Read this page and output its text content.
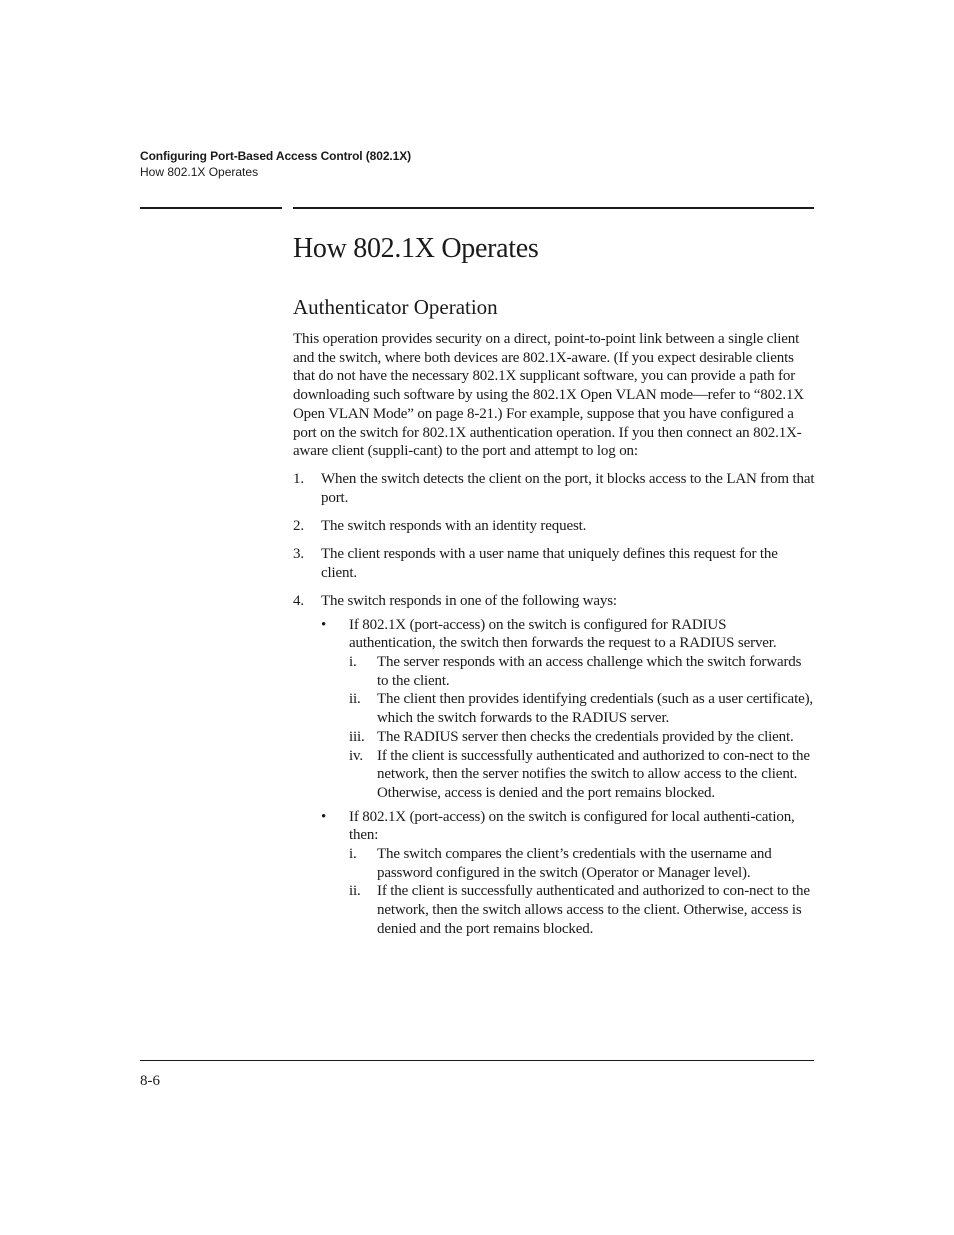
Configuring Port-Based Access Control (802.1X)
How 802.1X Operates
How 802.1X Operates
Authenticator Operation

This operation provides security on a direct, point-to-point link between a single client and the switch, where both devices are 802.1X-aware. (If you expect desirable clients that do not have the necessary 802.1X supplicant software, you can provide a path for downloading such software by using the 802.1X Open VLAN mode—refer to “802.1X Open VLAN Mode” on page 8-21.) For example, suppose that you have configured a port on the switch for 802.1X authentication operation. If you then connect an 802.1X-aware client (suppli-cant) to the port and attempt to log on:

1. When the switch detects the client on the port, it blocks access to the LAN from that port.
2. The switch responds with an identity request.
3. The client responds with a user name that uniquely defines this request for the client.
4. The switch responds in one of the following ways:
• If 802.1X (port-access) on the switch is configured for RADIUS authentication, the switch then forwards the request to a RADIUS server.
i. The server responds with an access challenge which the switch forwards to the client.
ii. The client then provides identifying credentials (such as a user certificate), which the switch forwards to the RADIUS server.
iii. The RADIUS server then checks the credentials provided by the client.
iv. If the client is successfully authenticated and authorized to con-nect to the network, then the server notifies the switch to allow access to the client. Otherwise, access is denied and the port remains blocked.
• If 802.1X (port-access) on the switch is configured for local authenti-cation, then:
i. The switch compares the client’s credentials with the username and password configured in the switch (Operator or Manager level).
ii. If the client is successfully authenticated and authorized to con-nect to the network, then the switch allows access to the client. Otherwise, access is denied and the port remains blocked.
8-6
